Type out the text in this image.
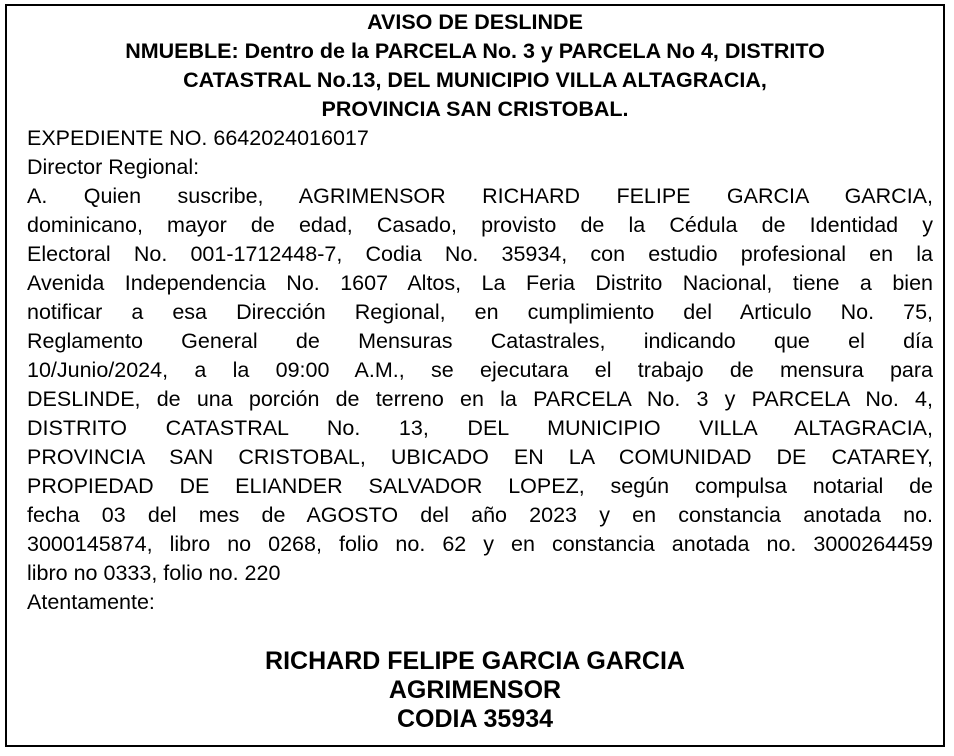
AVISO DE DESLINDE

NMUEBLE: Dentro de la PARCELA No. 3 y PARCELA No 4, DISTRITO

CATASTRAL No.13, DEL MUNICIPIO VILLA ALTAGRACIA,

PROVINCIA SAN CRISTOBAL.

EXPEDIENTE NO. 6642024016017

Director Regional:

A. Quien suscribe, AGRIMENSOR RICHARD FELIPE GARCIA GARCIA,

dominicano, mayor de edad, Casado, provisto de la Cédula de Identidad y

Electoral No. 001-1712448-7, Codia No. 35934, con estudio profesional en la

Avenida Independencia No. 1607 Altos, La Feria Distrito Nacional, tiene a bien

notificar a esa Dirección Regional, en cumplimiento del Articulo No. 75,

Reglamento General de Mensuras Catastrales, indicando que el día

10/Junio/2024, a la 09:00 A.M., se ejecutara el trabajo de mensura para

DESLINDE, de una porción de terreno en la PARCELA No. 3 y PARCELA No. 4,

DISTRITO CATASTRAL No. 13, DEL MUNICIPIO VILLA ALTAGRACIA,

PROVINCIA SAN CRISTOBAL, UBICADO EN LA COMUNIDAD DE CATAREY,

PROPIEDAD DE ELIANDER SALVADOR LOPEZ, según compulsa notarial de

fecha 03 del mes de AGOSTO del año 2023 y en constancia anotada no.

3000145874, libro no 0268, folio no. 62 y en constancia anotada no. 3000264459

libro no 0333, folio no. 220

Atentamente:

RICHARD FELIPE GARCIA GARCIA

AGRIMENSOR

CODIA 35934
